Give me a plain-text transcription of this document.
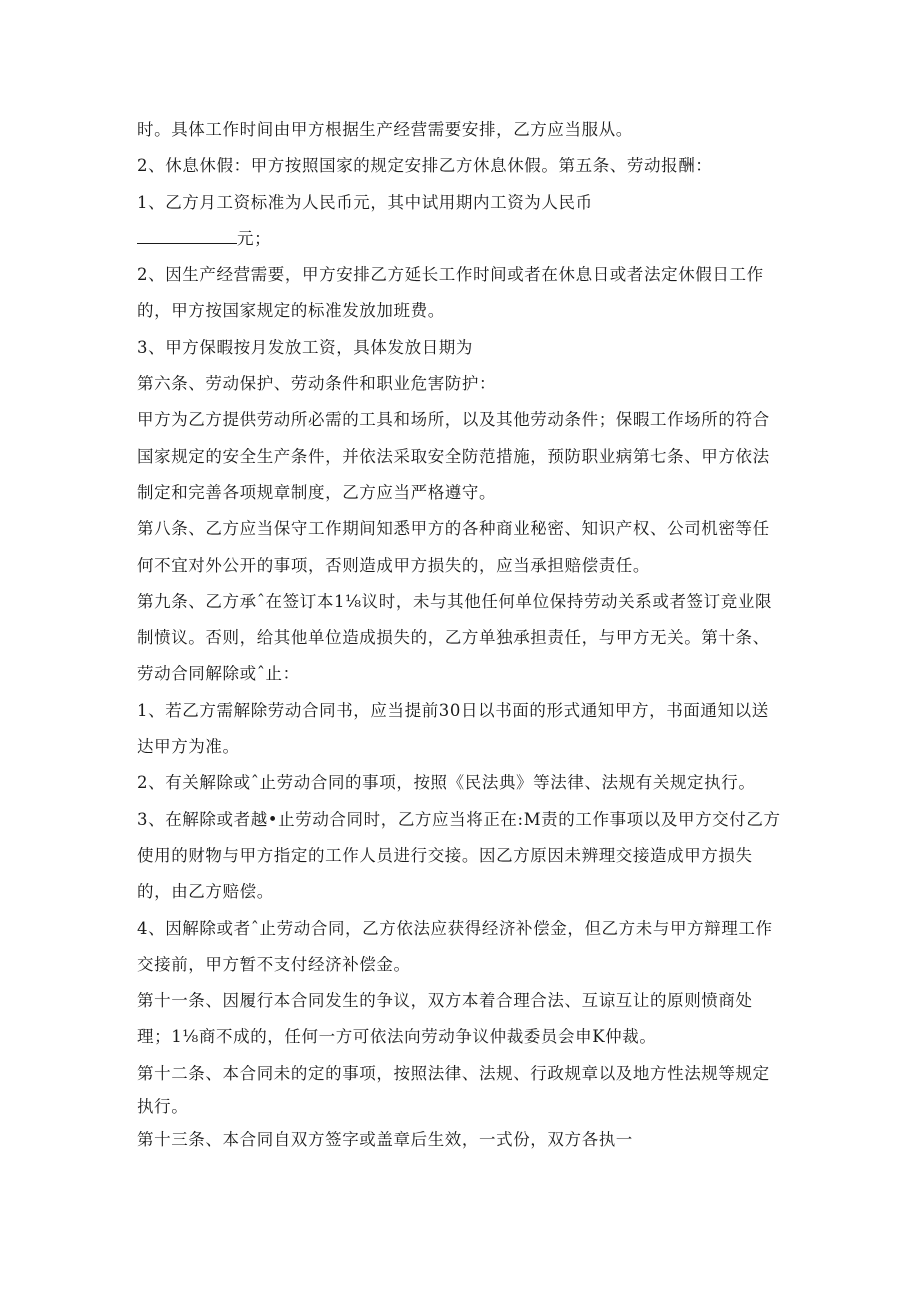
时。具体工作时间由甲方根据生产经营需要安排，乙方应当服从。
2、休息休假：甲方按照国家的规定安排乙方休息休假。第五条、劳动报酬：
1、乙方月工资标准为人民币元，其中试用期内工资为人民币
元；
2、因生产经营需要，甲方安排乙方延长工作时间或者在休息日或者法定休假日工作
的，甲方按国家规定的标准发放加班费。
3、甲方保暇按月发放工资，具体发放日期为
第六条、劳动保护、劳动条件和职业危害防护：
甲方为乙方提供劳动所必需的工具和场所，以及其他劳动条件；保暇工作场所的符合
国家规定的安全生产条件，并依法采取安全防范措施，预防职业病第七条、甲方依法
制定和完善各项规章制度，乙方应当严格遵守。
第八条、乙方应当保守工作期间知悉甲方的各种商业秘密、知识产权、公司机密等任
何不宜对外公开的事项，否则造成甲方损失的，应当承担赔偿责任。
第九条、乙方承ˆ在签订本1⅛议时，未与其他任何单位保持劳动关系或者签订竞业限
制愤议。否则，给其他单位造成损失的，乙方单独承担责任，与甲方无关。第十条、
劳动合同解除或ˆ止：
1、若乙方需解除劳动合同书，应当提前30日以书面的形式通知甲方，书面通知以送
达甲方为准。
2、有关解除或ˆ止劳动合同的事项，按照《民法典》等法律、法规有关规定执行。
3、在解除或者越•止劳动合同时，乙方应当将正在:M责的工作事项以及甲方交付乙方
使用的财物与甲方指定的工作人员进行交接。因乙方原因未辨理交接造成甲方损失
的，由乙方赔偿。
4、因解除或者ˆ止劳动合同，乙方依法应获得经济补偿金，但乙方未与甲方辩理工作
交接前，甲方暂不支付经济补偿金。
第十一条、因履行本合同发生的争议，双方本着合理合法、互谅互让的原则愤商处
理；1⅛商不成的，任何一方可依法向劳动争议仲裁委员会申K仲裁。
第十二条、本合同未的定的事项，按照法律、法规、行政规章以及地方性法规等规定
执行。
第十三条、本合同自双方签字或盖章后生效，一式份，双方各执一
